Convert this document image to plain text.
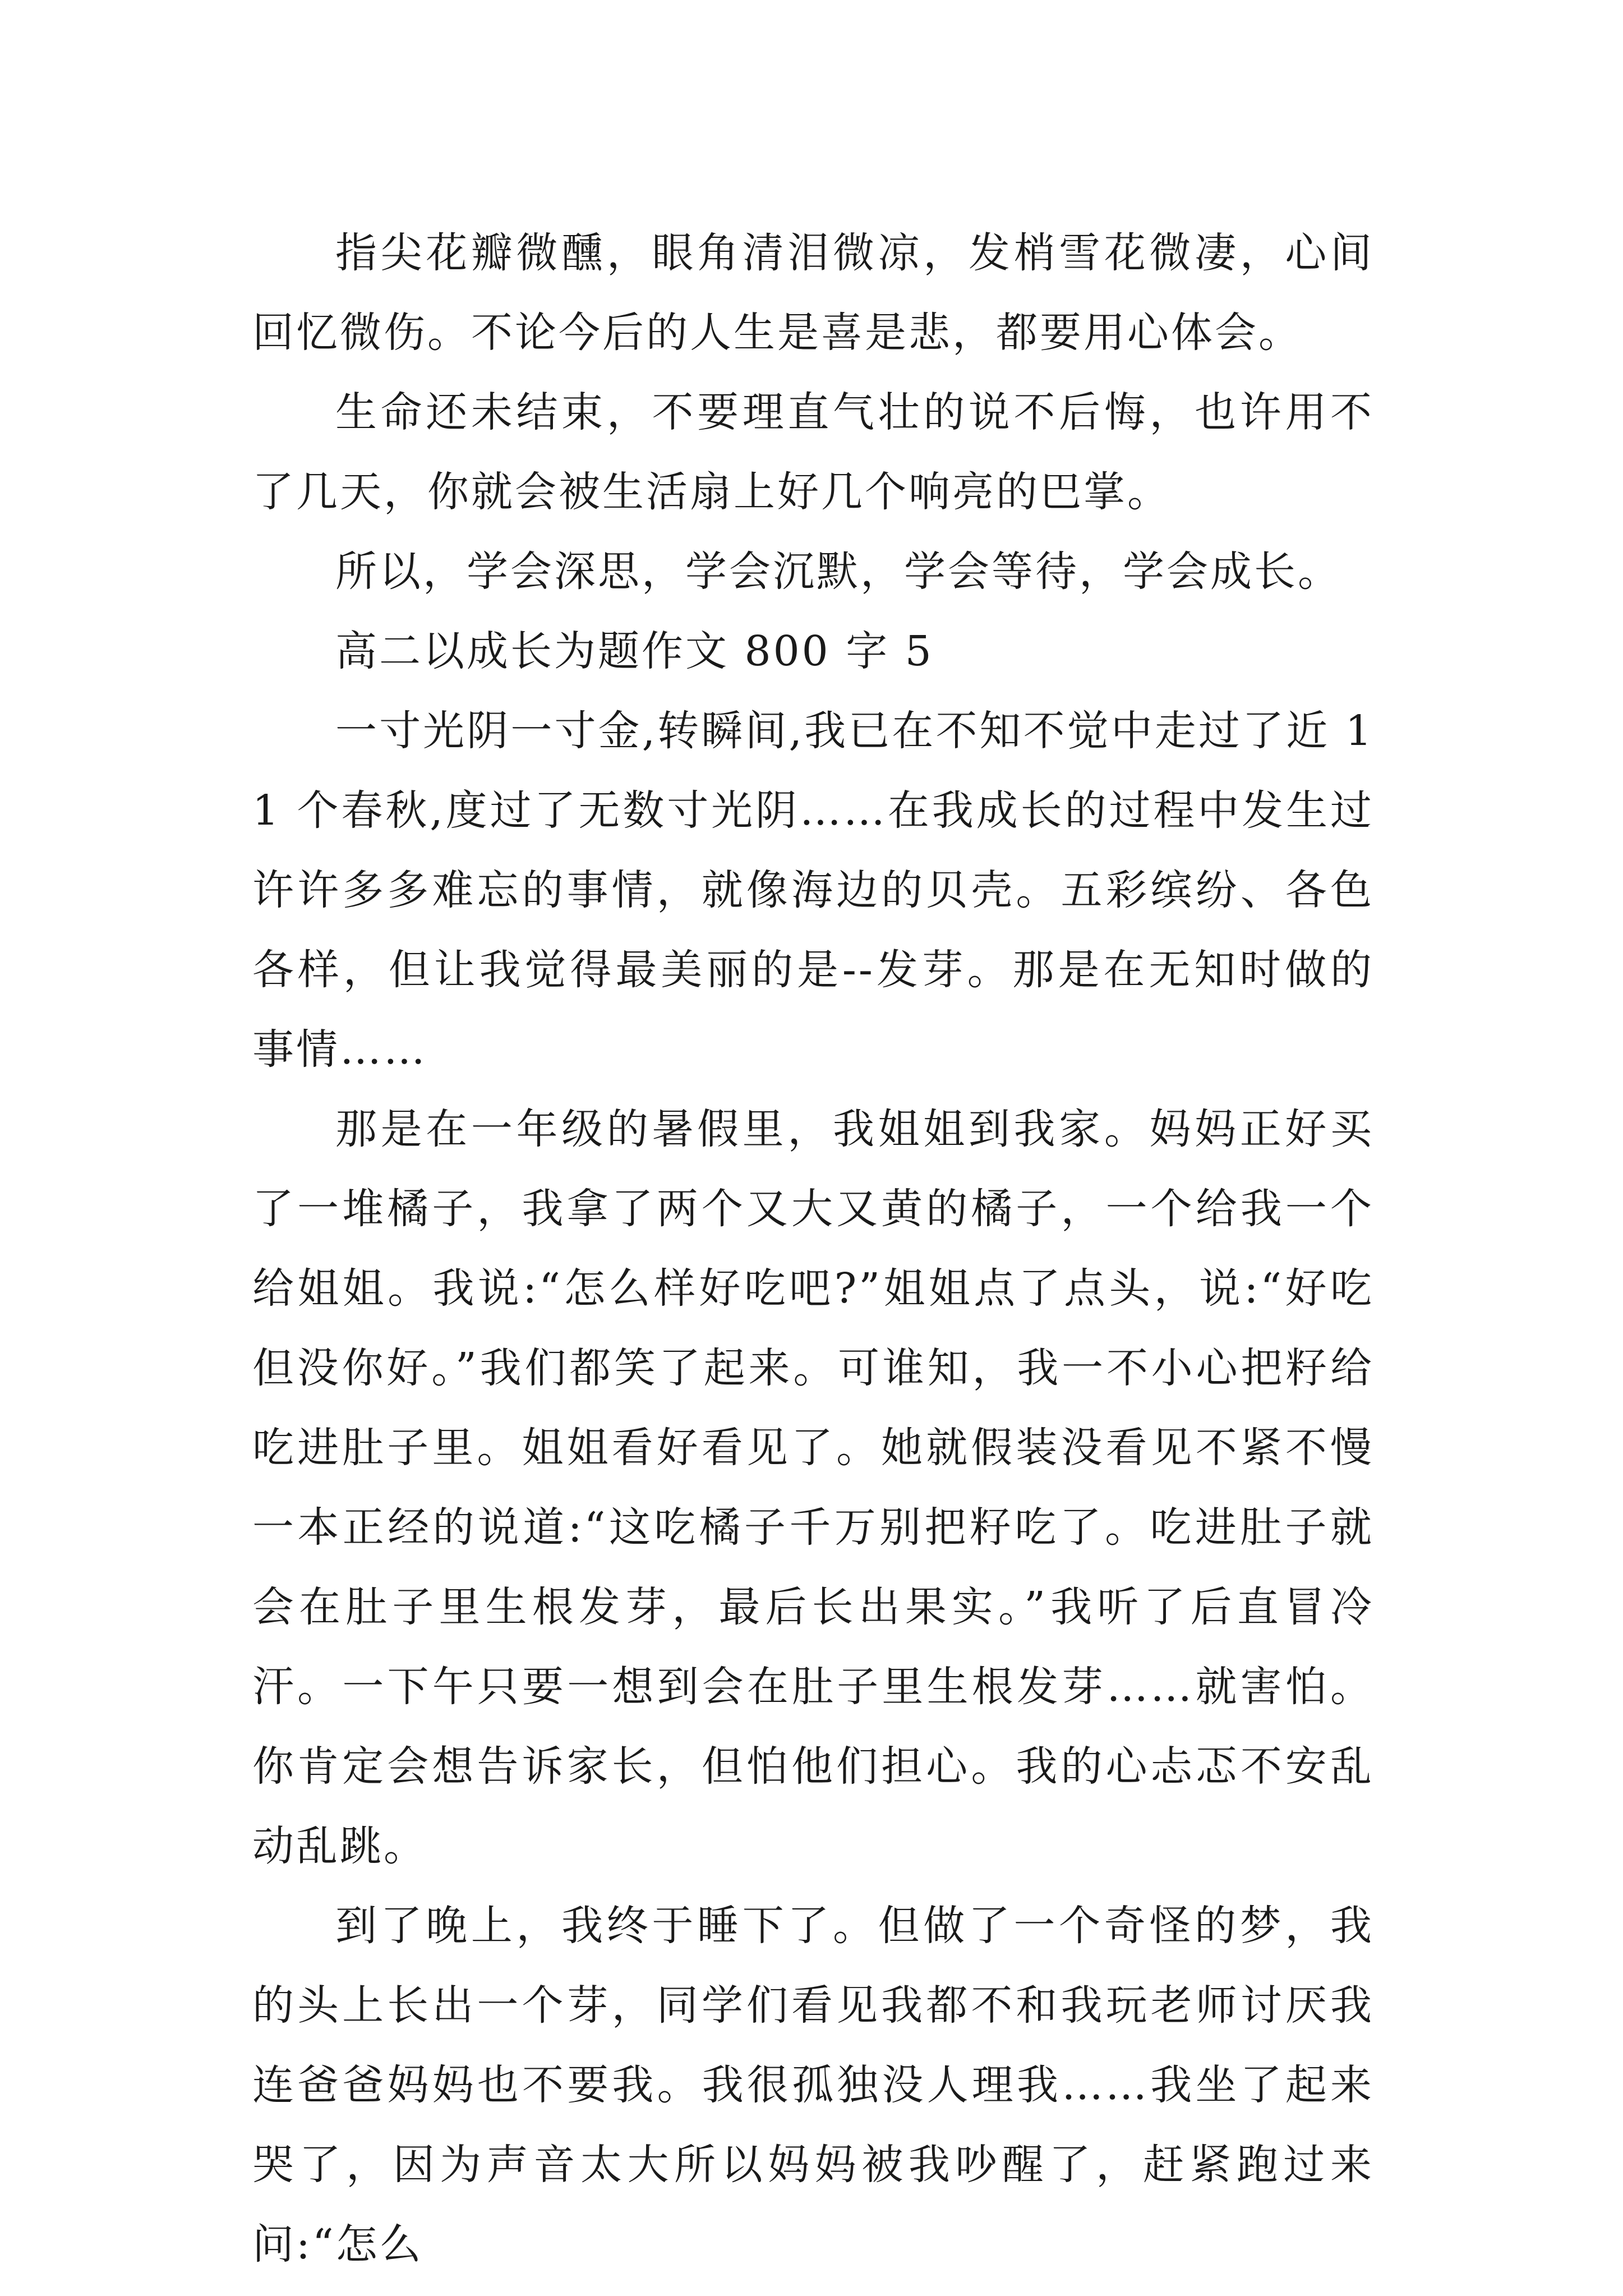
指尖花瓣微醺，眼角清泪微凉，发梢雪花微凄，心间回忆微伤。不论今后的人生是喜是悲，都要用心体会。

生命还未结束，不要理直气壮的说不后悔，也许用不了几天，你就会被生活扇上好几个响亮的巴掌。

所以，学会深思，学会沉默，学会等待，学会成长。

高二以成长为题作文 800 字 5

一寸光阴一寸金,转瞬间,我已在不知不觉中走过了近 11 个春秋,度过了无数寸光阴……在我成长的过程中发生过许许多多难忘的事情，就像海边的贝壳。五彩缤纷、各色各样，但让我觉得最美丽的是--发芽。那是在无知时做的事情……

那是在一年级的暑假里，我姐姐到我家。妈妈正好买了一堆橘子，我拿了两个又大又黄的橘子，一个给我一个给姐姐。我说:“怎么样好吃吧?”姐姐点了点头，说:“好吃但没你好。”我们都笑了起来。可谁知，我一不小心把籽给吃进肚子里。姐姐看好看见了。她就假装没看见不紧不慢一本正经的说道:“这吃橘子千万别把籽吃了。吃进肚子就会在肚子里生根发芽，最后长出果实。”我听了后直冒冷汗。一下午只要一想到会在肚子里生根发芽……就害怕。你肯定会想告诉家长，但怕他们担心。我的心忐忑不安乱动乱跳。

到了晚上，我终于睡下了。但做了一个奇怪的梦，我的头上长出一个芽，同学们看见我都不和我玩老师讨厌我连爸爸妈妈也不要我。我很孤独没人理我……我坐了起来哭了，因为声音太大所以妈妈被我吵醒了，赶紧跑过来问:“怎么
